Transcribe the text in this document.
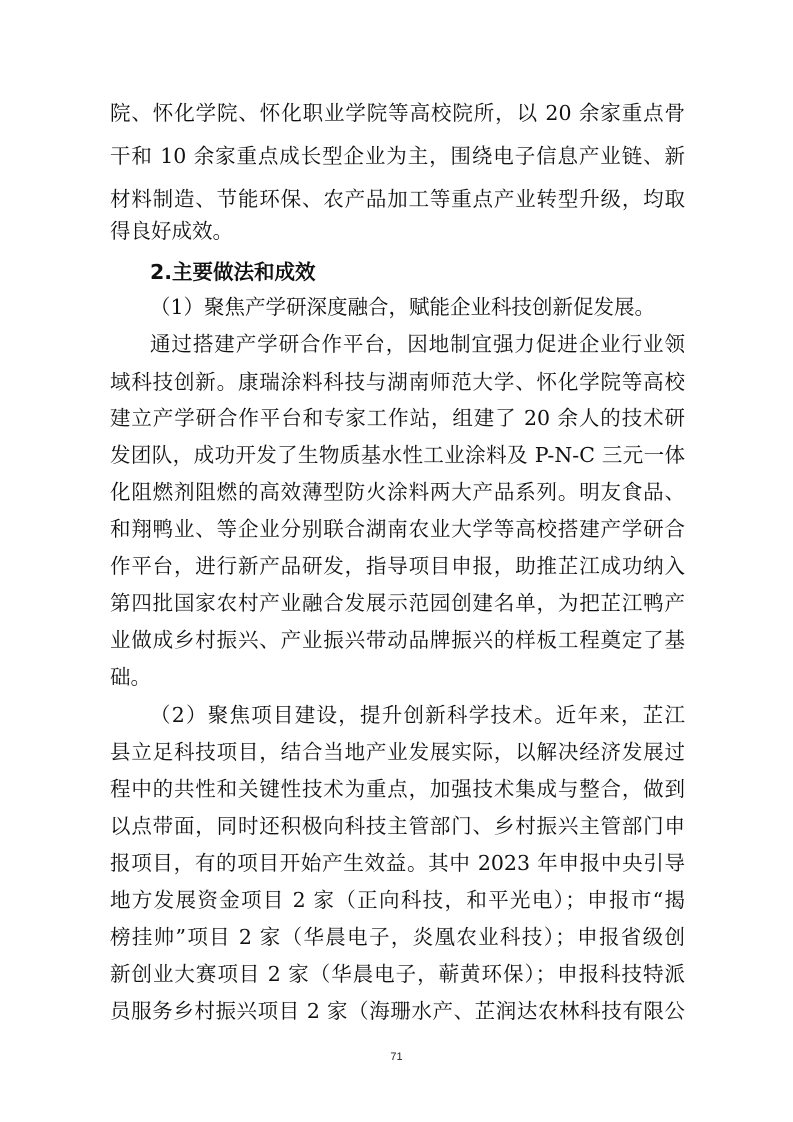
院、怀化学院、怀化职业学院等高校院所，以 20 余家重点骨
干和 10 余家重点成长型企业为主，围绕电子信息产业链、新
材料制造、节能环保、农产品加工等重点产业转型升级，均取
得良好成效。
2.主要做法和成效
（1）聚焦产学研深度融合，赋能企业科技创新促发展。
通过搭建产学研合作平台，因地制宜强力促进企业行业领
域科技创新。康瑞涂料科技与湖南师范大学、怀化学院等高校
建立产学研合作平台和专家工作站，组建了 20 余人的技术研
发团队，成功开发了生物质基水性工业涂料及 P-N-C 三元一体
化阻燃剂阻燃的高效薄型防火涂料两大产品系列。明友食品、
和翔鸭业、等企业分别联合湖南农业大学等高校搭建产学研合
作平台，进行新产品研发，指导项目申报，助推芷江成功纳入
第四批国家农村产业融合发展示范园创建名单，为把芷江鸭产
业做成乡村振兴、产业振兴带动品牌振兴的样板工程奠定了基
础。
（2）聚焦项目建设，提升创新科学技术。近年来，芷江
县立足科技项目，结合当地产业发展实际，以解决经济发展过
程中的共性和关键性技术为重点，加强技术集成与整合，做到
以点带面，同时还积极向科技主管部门、乡村振兴主管部门申
报项目，有的项目开始产生效益。其中 2023 年申报中央引导
地方发展资金项目 2 家（正向科技，和平光电）；申报市“揭
榜挂帅”项目 2 家（华晨电子，炎凰农业科技）；申报省级创
新创业大赛项目 2 家（华晨电子，蕲黄环保）；申报科技特派
员服务乡村振兴项目 2 家（海珊水产、芷润达农林科技有限公
71
